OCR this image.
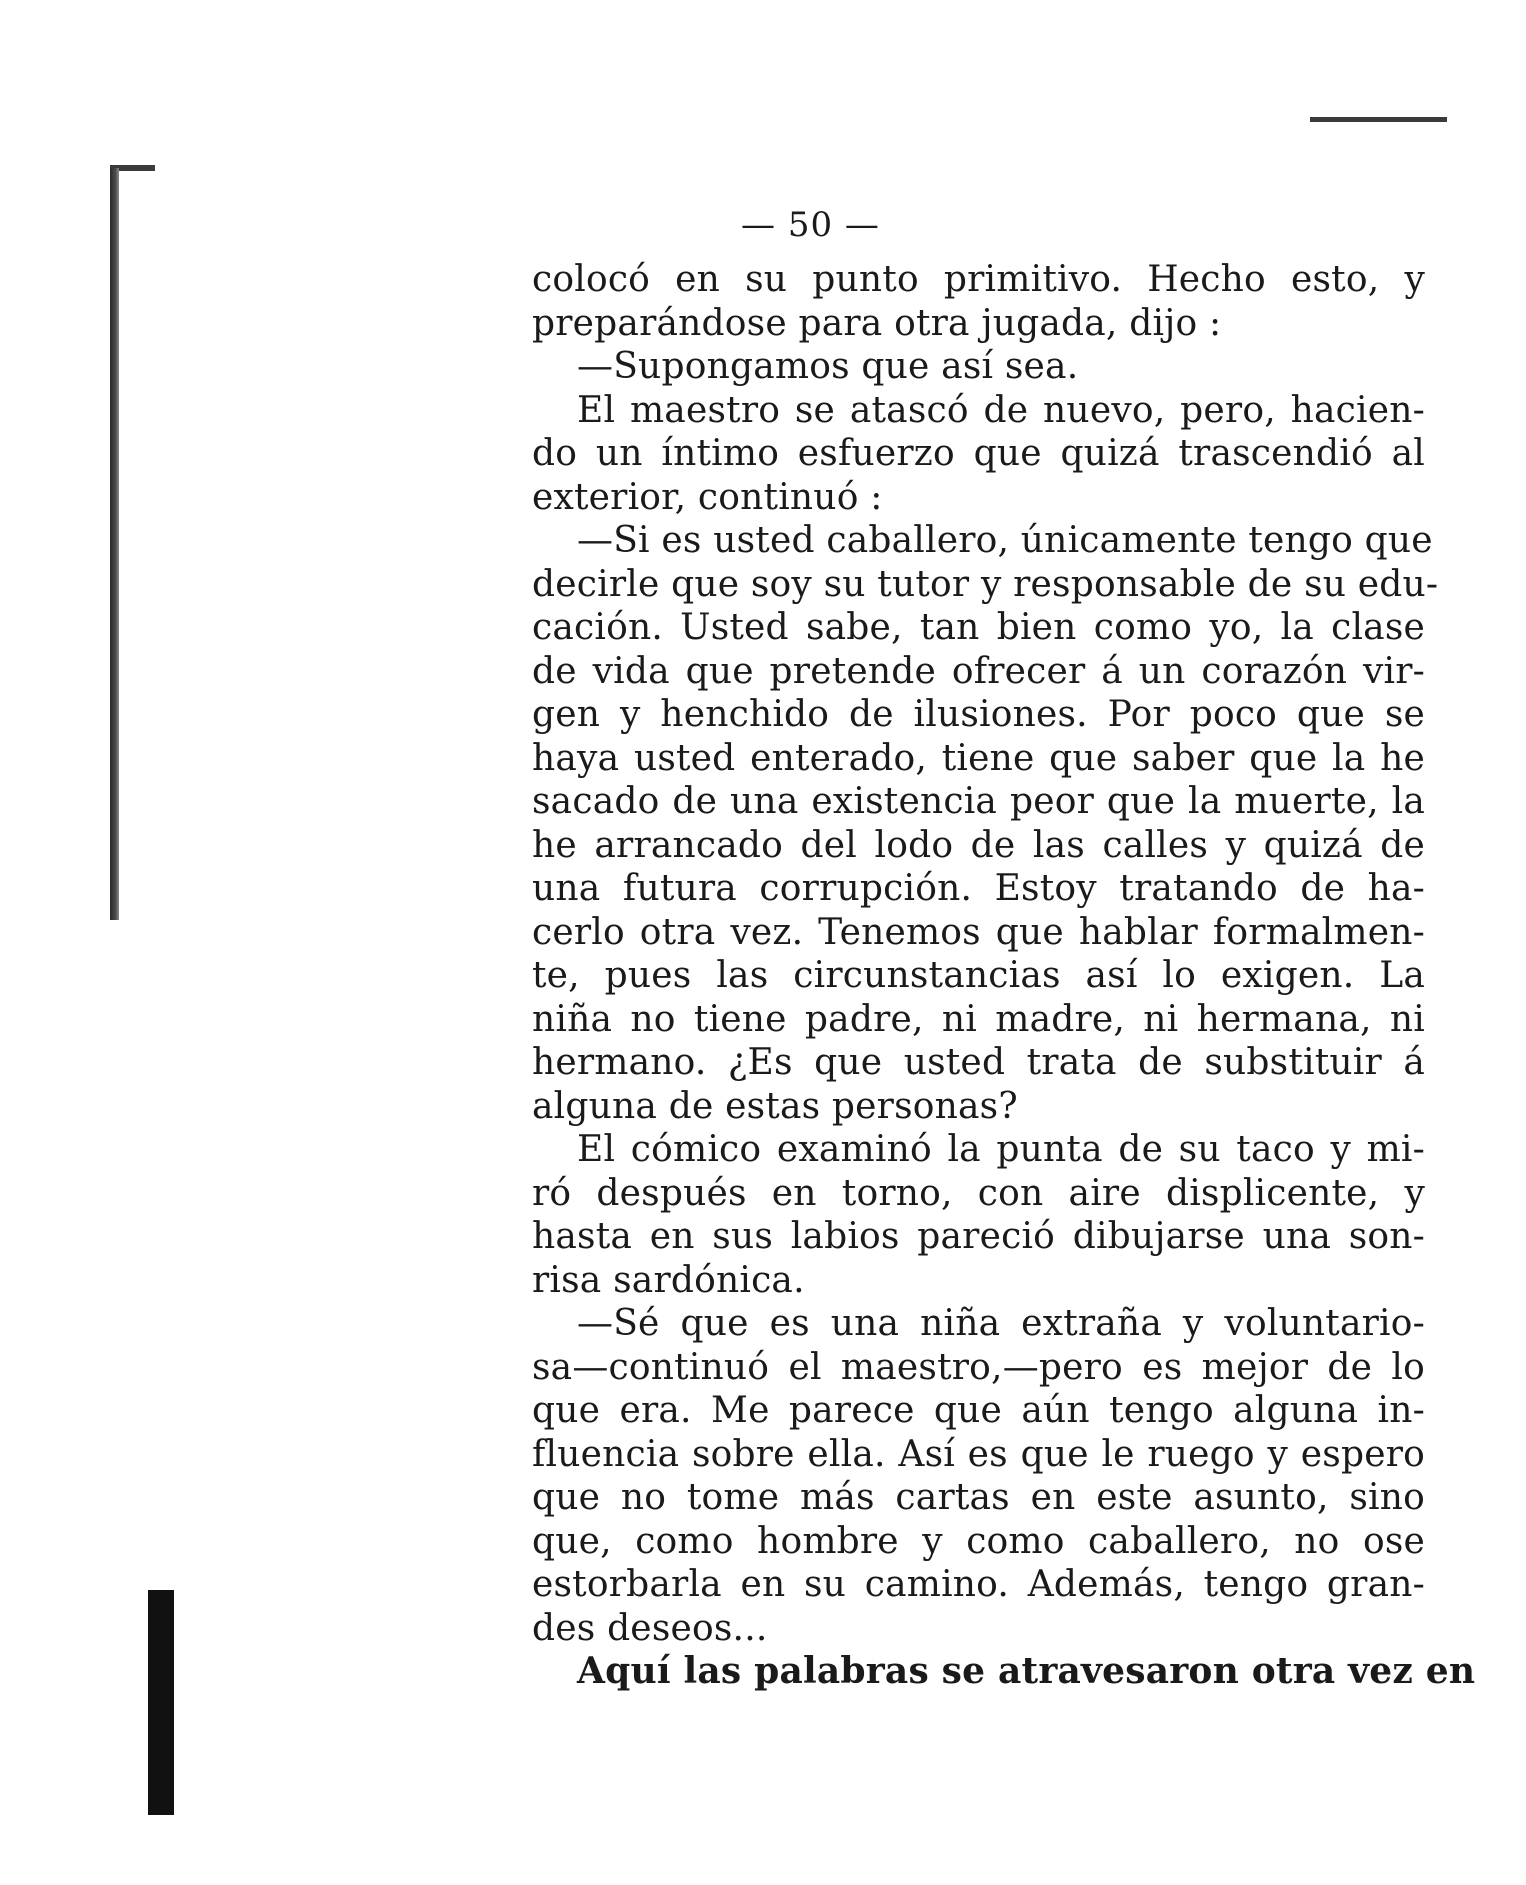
— 50 —
colocó en su punto primitivo. Hecho esto, y
preparándose para otra jugada, dijo :
—Supongamos que así sea.
El maestro se atascó de nuevo, pero, hacien-
do un íntimo esfuerzo que quizá trascendió al
exterior, continuó :
—Si es usted caballero, únicamente tengo que
decirle que soy su tutor y responsable de su edu-
cación. Usted sabe, tan bien como yo, la clase
de vida que pretende ofrecer á un corazón vir-
gen y henchido de ilusiones. Por poco que se
haya usted enterado, tiene que saber que la he
sacado de una existencia peor que la muerte, la
he arrancado del lodo de las calles y quizá de
una futura corrupción. Estoy tratando de ha-
cerlo otra vez. Tenemos que hablar formalmen-
te, pues las circunstancias así lo exigen. La
niña no tiene padre, ni madre, ni hermana, ni
hermano. ¿Es que usted trata de substituir á
alguna de estas personas?
El cómico examinó la punta de su taco y mi-
ró después en torno, con aire displicente, y
hasta en sus labios pareció dibujarse una son-
risa sardónica.
—Sé que es una niña extraña y voluntario-
sa—continuó el maestro,—pero es mejor de lo
que era. Me parece que aún tengo alguna in-
fluencia sobre ella. Así es que le ruego y espero
que no tome más cartas en este asunto, sino
que, como hombre y como caballero, no ose
estorbarla en su camino. Además, tengo gran-
des deseos...
Aquí las palabras se atravesaron otra vez en
